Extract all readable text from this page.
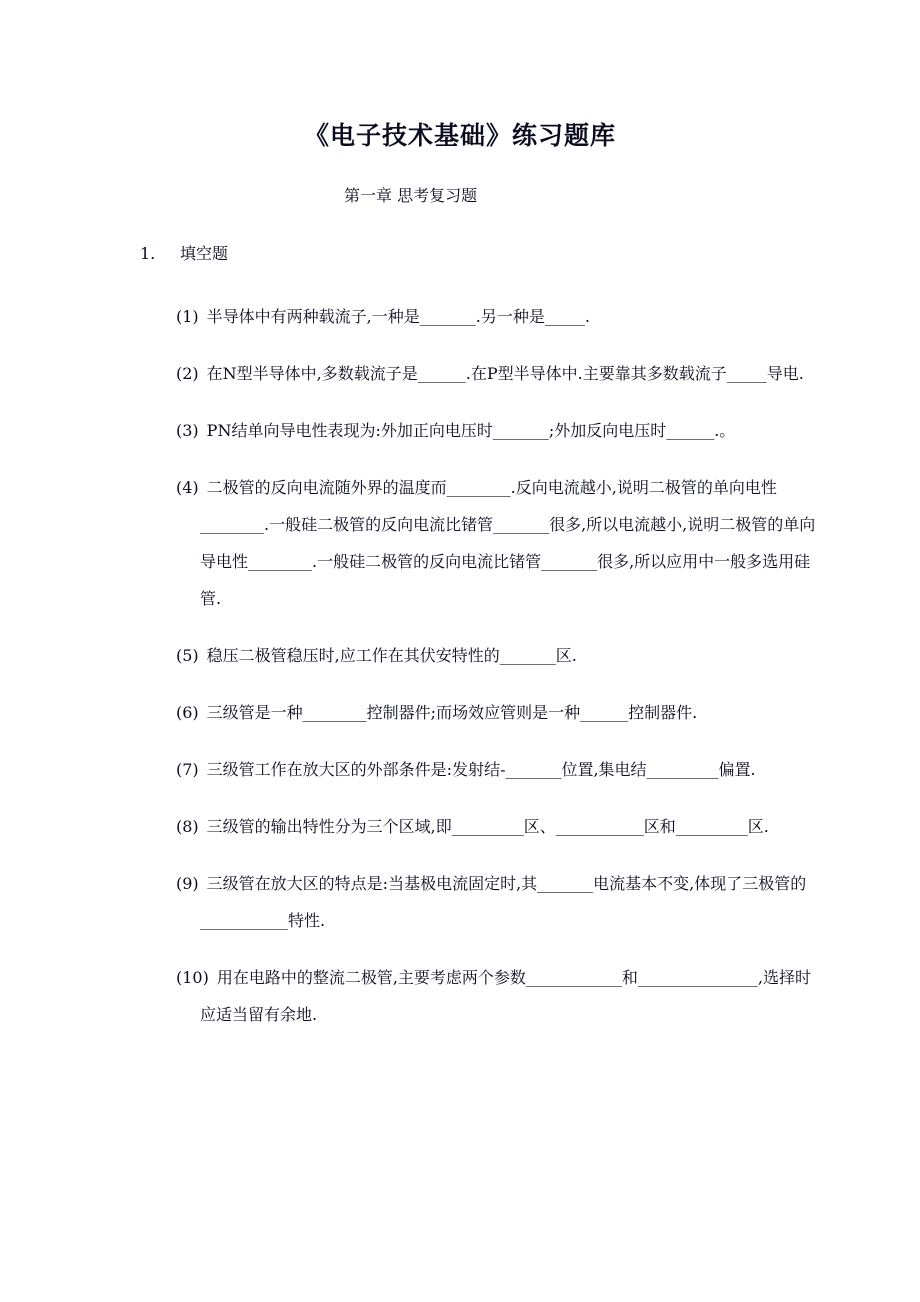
《电子技术基础》练习题库

第一章 思考复习题

1. 填空题
(1) 半导体中有两种载流子,一种是_______.另一种是_____.
(2) 在N型半导体中,多数载流子是______.在P型半导体中.主要靠其多数载流子_____导电.
(3) PN结单向导电性表现为:外加正向电压时_______;外加反向电压时______.。
(4) 二极管的反向电流随外界的温度而________.反向电流越小,说明二极管的单向电性________.一般硅二极管的反向电流比锗管_______很多,所以电流越小,说明二极管的单向导电性________.一般硅二极管的反向电流比锗管_______很多,所以应用中一般多选用硅管.
(5) 稳压二极管稳压时,应工作在其伏安特性的_______区.
(6) 三级管是一种________控制器件;而场效应管则是一种______控制器件.
(7) 三级管工作在放大区的外部条件是:发射结-_______位置,集电结_________偏置.
(8) 三级管的输出特性分为三个区域,即_________区、___________区和_________区.
(9) 三级管在放大区的特点是:当基极电流固定时,其_______电流基本不变,体现了三极管的___________特性.
(10) 用在电路中的整流二极管,主要考虑两个参数____________和_______________,选择时应适当留有余地.
